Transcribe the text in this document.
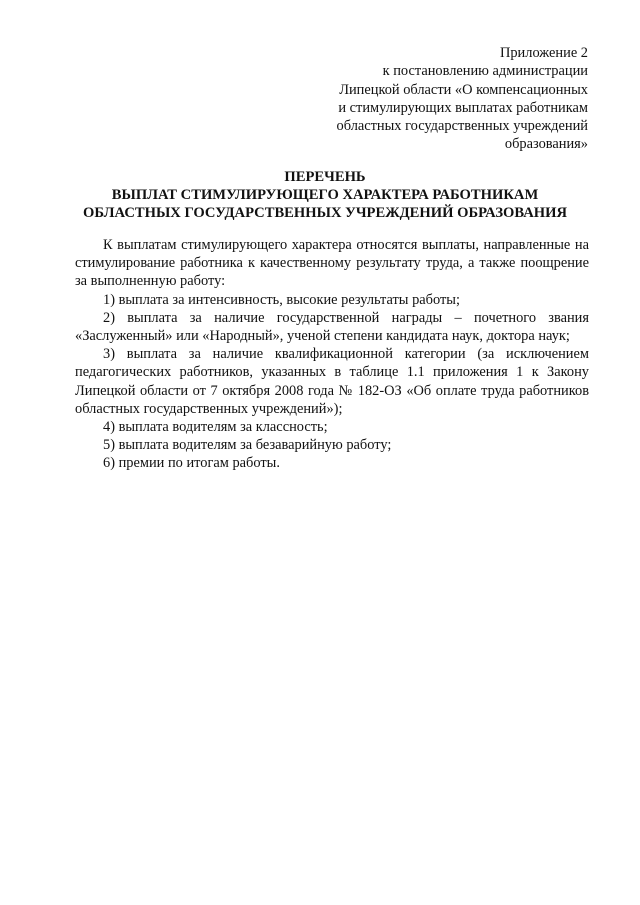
Приложение 2
к постановлению администрации
Липецкой области «О компенсационных
и стимулирующих выплатах работникам
областных государственных учреждений
образования»
ПЕРЕЧЕНЬ
ВЫПЛАТ СТИМУЛИРУЮЩЕГО ХАРАКТЕРА РАБОТНИКАМ
ОБЛАСТНЫХ ГОСУДАРСТВЕННЫХ УЧРЕЖДЕНИЙ ОБРАЗОВАНИЯ

К выплатам стимулирующего характера относятся выплаты, направленные на стимулирование работника к качественному результату труда, а также поощрение за выполненную работу:

1) выплата за интенсивность, высокие результаты работы;

2) выплата за наличие государственной награды – почетного звания «Заслуженный» или «Народный», ученой степени кандидата наук, доктора наук;

3) выплата за наличие квалификационной категории (за исключением педагогических работников, указанных в таблице 1.1 приложения 1 к Закону Липецкой области от 7 октября 2008 года № 182-ОЗ «Об оплате труда работников областных государственных учреждений»);

4) выплата водителям за классность;

5) выплата водителям за безаварийную работу;

6) премии по итогам работы.
